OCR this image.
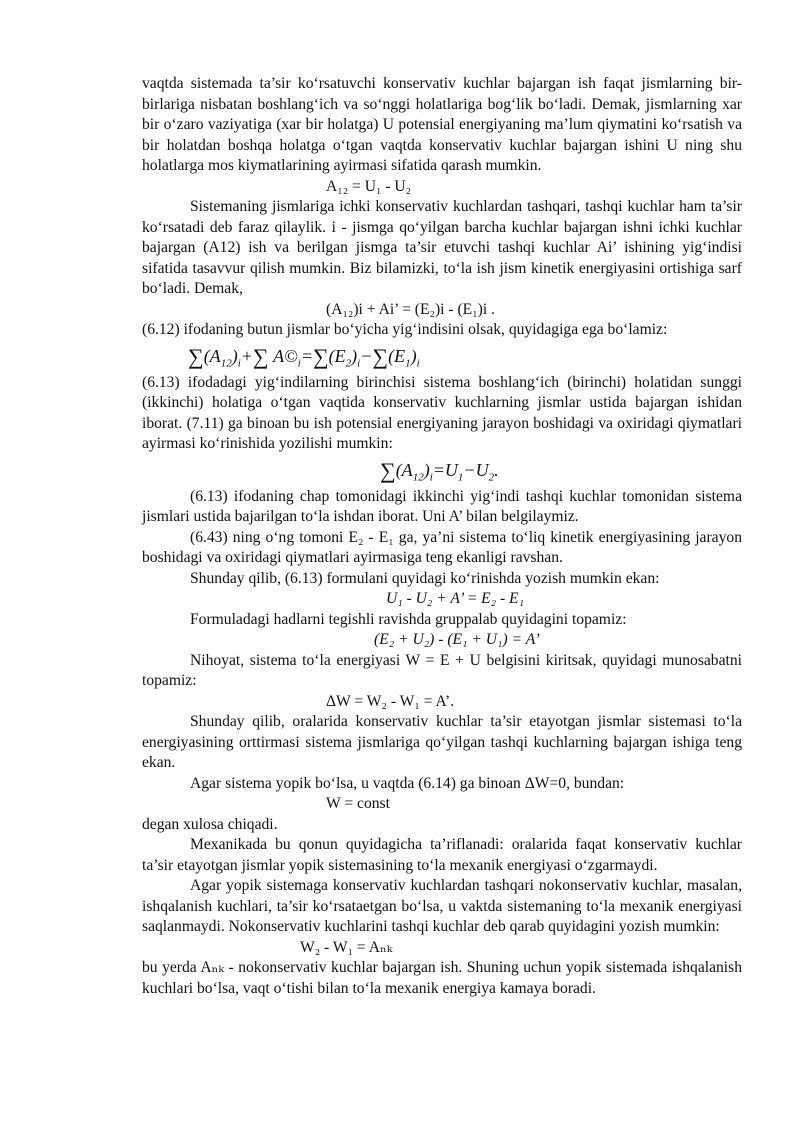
vaqtda sistemada ta’sir ko‘rsatuvchi konservativ kuchlar bajargan ish faqat jismlarning bir-birlariga nisbatan boshlang‘ich va so‘nggi holatlariga bog‘lik bo‘ladi. Demak, jismlarning xar bir o‘zaro vaziyatiga (xar bir holatga) U potensial energiyaning ma’lum qiymatini ko‘rsatish va bir holatdan boshqa holatga o‘tgan vaqtda konservativ kuchlar bajargan ishini U ning shu holatlarga mos kiymatlarining ayirmasi sifatida qarash mumkin.

A₁₂ = U₁ - U₂

Sistemaning jismlariga ichki konservativ kuchlardan tashqari, tashqi kuchlar ham ta’sir ko‘rsatadi deb faraz qilaylik. i - jismga qo‘yilgan barcha kuchlar bajargan ishni ichki kuchlar bajargan (A12) ish va berilgan jismga ta’sir etuvchi tashqi kuchlar Ai’ ishining yig‘indisi sifatida tasavvur qilish mumkin. Biz bilamizki, to‘la ish jism kinetik energiyasini ortishiga sarf bo‘ladi. Demak,

(A₁₂)i + Ai’ = (E₂)i - (E₁)i .

(6.12) ifodaning butun jismlar bo‘yicha yig‘indisini olsak, quyidagiga ega bo‘lamiz:

$\sum(A_{12})_i+\sum$ $A©_i=\sum(E_2)_i-\sum(E_1)_i$

(6.13) ifodadagi yig‘indilarning birinchisi sistema boshlang‘ich (birinchi) holatidan sunggi (ikkinchi) holatiga o‘tgan vaqtida konservativ kuchlarning jismlar ustida bajargan ishidan iborat. (7.11) ga binoan bu ish potensial energiyaning jarayon boshidagi va oxiridagi qiymatlari ayirmasi ko‘rinishida yozilishi mumkin:

$\sum(A_{12})_i=U_1-U_2$.

(6.13) ifodaning chap tomonidagi ikkinchi yig‘indi tashqi kuchlar tomonidan sistema jismlari ustida bajarilgan to‘la ishdan iborat. Uni A’ bilan belgilaymiz.

(6.43) ning o‘ng tomoni E₂ - E₁ ga, ya’ni sistema to‘liq kinetik energiyasining jarayon boshidagi va oxiridagi qiymatlari ayirmasiga teng ekanligi ravshan.

Shunday qilib, (6.13) formulani quyidagi ko‘rinishda yozish mumkin ekan:

U₁ - U₂ + A’ = E₂ - E₁

Formuladagi hadlarni tegishli ravishda gruppalab quyidagini topamiz:

(E₂ + U₂) - (E₁ + U₁) = A’

Nihoyat, sistema to‘la energiyasi W = E + U belgisini kiritsak, quyidagi munosabatni topamiz:

ΔW = W₂ - W₁ = A’.

Shunday qilib, oralarida konservativ kuchlar ta’sir etayotgan jismlar sistemasi to‘la energiyasining orttirmasi sistema jismlariga qo‘yilgan tashqi kuchlarning bajargan ishiga teng ekan.

Agar sistema yopik bo‘lsa, u vaqtda (6.14) ga binoan ΔW=0, bundan:

W = const

degan xulosa chiqadi.

Mexanikada bu qonun quyidagicha ta’riflanadi: oralarida faqat konservativ kuchlar ta’sir etayotgan jismlar yopik sistemasining to‘la mexanik energiyasi o‘zgarmaydi.

Agar yopik sistemaga konservativ kuchlardan tashqari nokonservativ kuchlar, masalan, ishqalanish kuchlari, ta’sir ko‘rsataetgan bo‘lsa, u vaktda sistemaning to‘la mexanik energiyasi saqlanmaydi. Nokonservativ kuchlarini tashqi kuchlar deb qarab quyidagini yozish mumkin:

W₂ - W₁ = Aₙₖ

bu yerda Aₙₖ - nokonservativ kuchlar bajargan ish. Shuning uchun yopik sistemada ishqalanish kuchlari bo‘lsa, vaqt o‘tishi bilan to‘la mexanik energiya kamaya boradi.
